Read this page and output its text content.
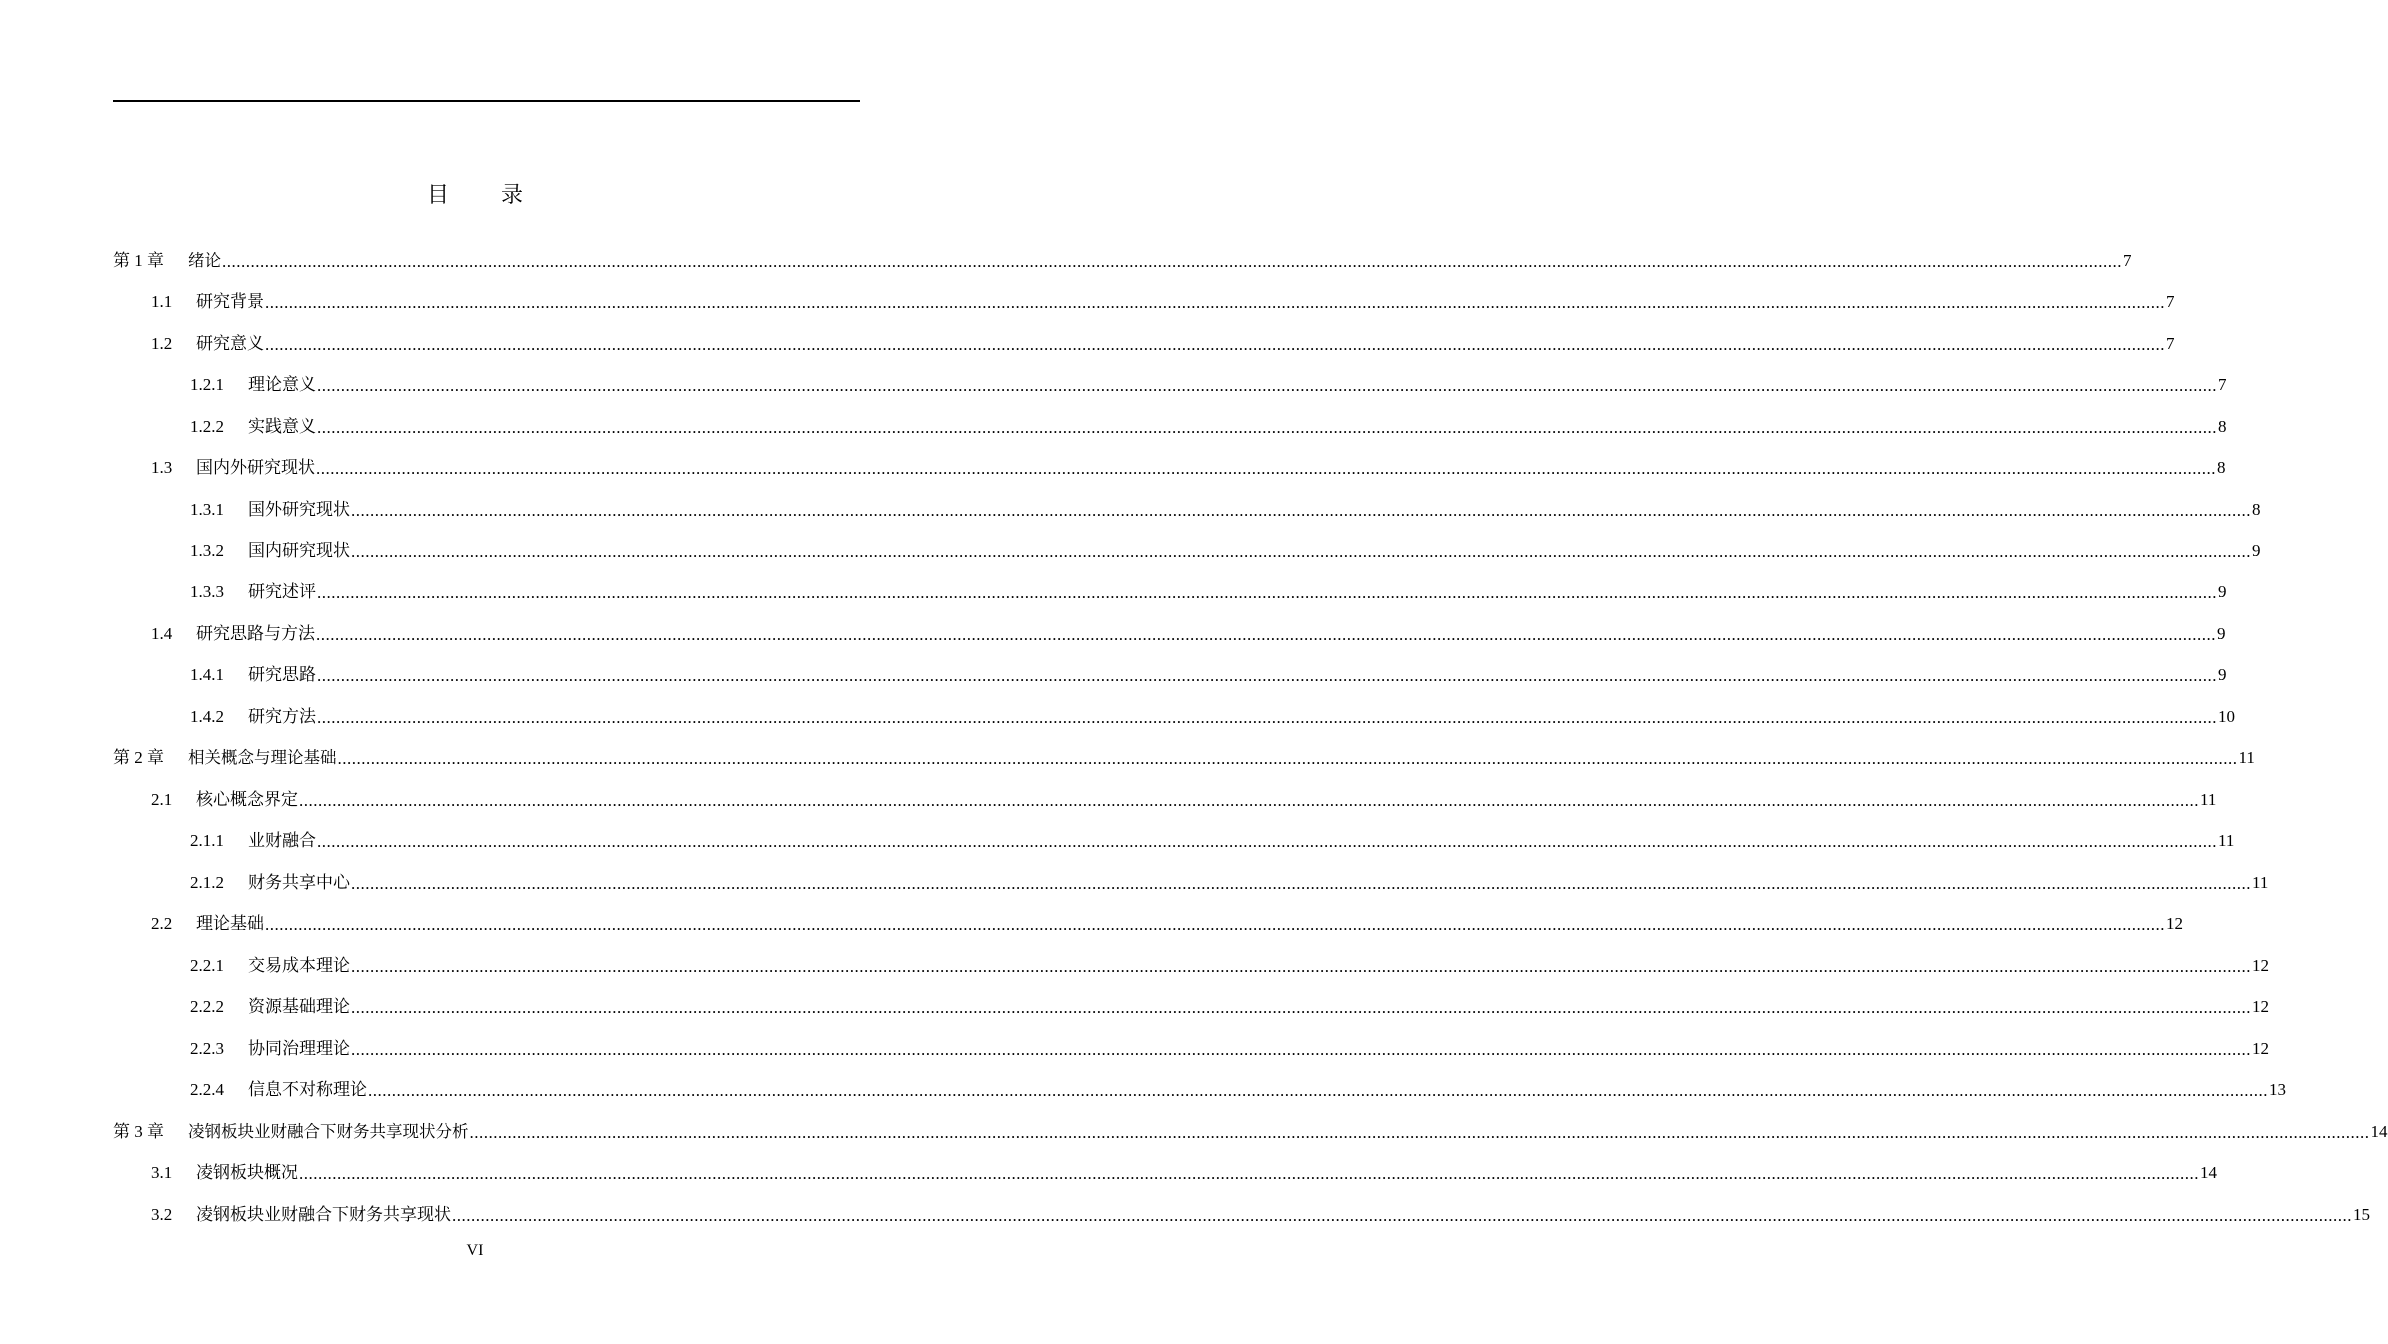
目 录
第 1 章	绪论 ................................................................................................................................................................................................................................................................................................................................................................................................................ 7
1.1	研究背景 ................................................................................................................................................................................................................................................................................................................................................................................................................ 7
1.2	研究意义 ................................................................................................................................................................................................................................................................................................................................................................................................................ 7
1.2.1	理论意义 ................................................................................................................................................................................................................................................................................................................................................................................................................ 7
1.2.2	实践意义 ................................................................................................................................................................................................................................................................................................................................................................................................................ 8
1.3	国内外研究现状 ................................................................................................................................................................................................................................................................................................................................................................................................................ 8
1.3.1	国外研究现状 ................................................................................................................................................................................................................................................................................................................................................................................................................ 8
1.3.2	国内研究现状 ................................................................................................................................................................................................................................................................................................................................................................................................................ 9
1.3.3	研究述评 ................................................................................................................................................................................................................................................................................................................................................................................................................ 9
1.4	研究思路与方法 ................................................................................................................................................................................................................................................................................................................................................................................................................ 9
1.4.1	研究思路 ................................................................................................................................................................................................................................................................................................................................................................................................................ 9
1.4.2	研究方法 ................................................................................................................................................................................................................................................................................................................................................................................................................ 10
第 2 章	相关概念与理论基础 ................................................................................................................................................................................................................................................................................................................................................................................................................ 11
2.1	核心概念界定 ................................................................................................................................................................................................................................................................................................................................................................................................................ 11
2.1.1	业财融合 ................................................................................................................................................................................................................................................................................................................................................................................................................ 11
2.1.2	财务共享中心 ................................................................................................................................................................................................................................................................................................................................................................................................................ 11
2.2	理论基础 ................................................................................................................................................................................................................................................................................................................................................................................................................ 12
2.2.1	交易成本理论 ................................................................................................................................................................................................................................................................................................................................................................................................................ 12
2.2.2	资源基础理论 ................................................................................................................................................................................................................................................................................................................................................................................................................ 12
2.2.3	协同治理理论 ................................................................................................................................................................................................................................................................................................................................................................................................................ 12
2.2.4	信息不对称理论 ................................................................................................................................................................................................................................................................................................................................................................................................................ 13
第 3 章	凌钢板块业财融合下财务共享现状分析 ................................................................................................................................................................................................................................................................................................................................................................................................................ 14
3.1	凌钢板块概况 ................................................................................................................................................................................................................................................................................................................................................................................................................ 14
3.2	凌钢板块业财融合下财务共享现状 ................................................................................................................................................................................................................................................................................................................................................................................................................ 15
VI
